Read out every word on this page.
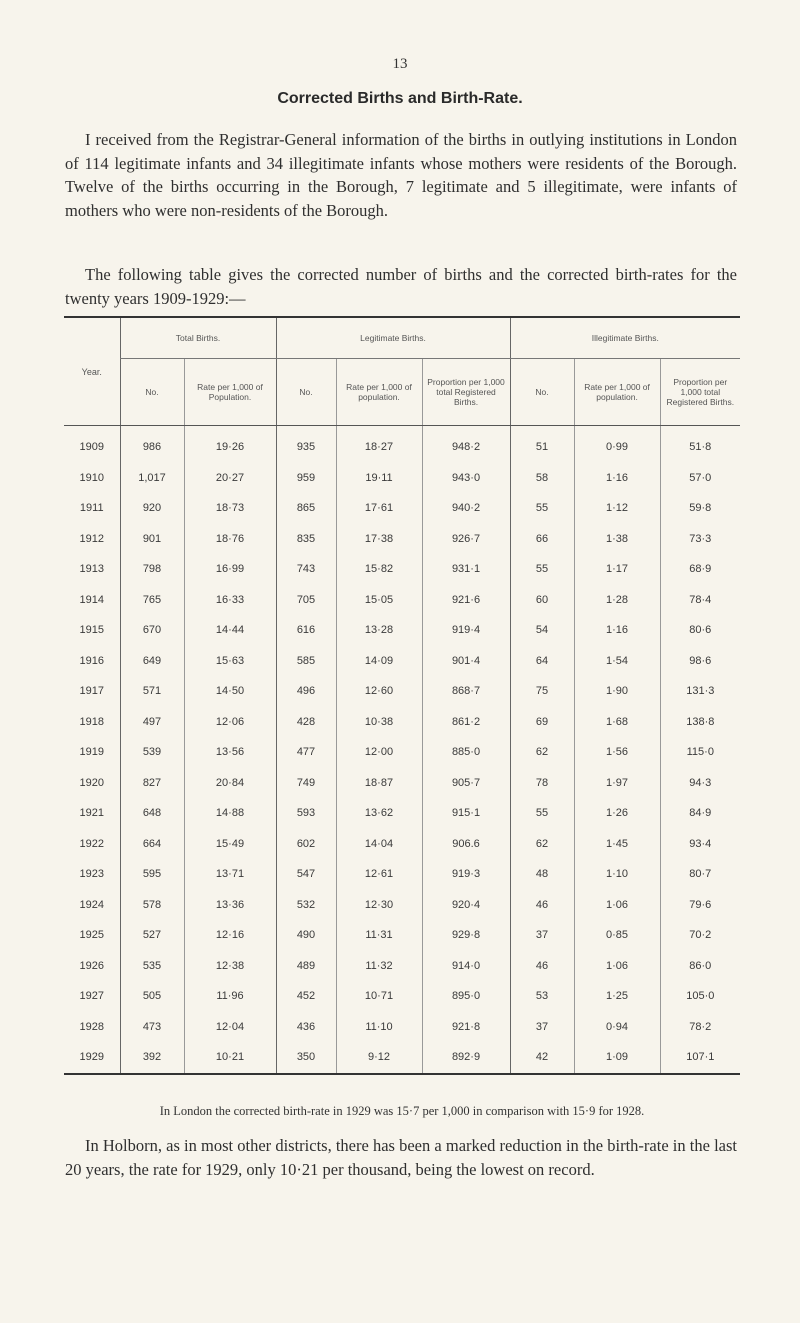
13
Corrected Births and Birth-Rate.

I received from the Registrar-General information of the births in outlying institutions in London of 114 legitimate infants and 34 illegitimate infants whose mothers were residents of the Borough. Twelve of the births occurring in the Borough, 7 legitimate and 5 illegitimate, were infants of mothers who were non-residents of the Borough.

The following table gives the corrected number of births and the corrected birth-rates for the twenty years 1909-1929:—

Year.	Total Births.		Legitimate Births.			Illegitimate Births.		
	No.	Rate per 1,000 of Population.	No.	Rate per 1,000 of population.	Proportion per 1,000 total Registered Births.	No.	Rate per 1,000 of population.	Proportion per 1,000 total Registered Births.
1909	986	19·26	935	18·27	948·2	51	0·99	51·8
1910	1,017	20·27	959	19·11	943·0	58	1·16	57·0
1911	920	18·73	865	17·61	940·2	55	1·12	59·8
1912	901	18·76	835	17·38	926·7	66	1·38	73·3
1913	798	16·99	743	15·82	931·1	55	1·17	68·9
1914	765	16·33	705	15·05	921·6	60	1·28	78·4
1915	670	14·44	616	13·28	919·4	54	1·16	80·6
1916	649	15·63	585	14·09	901·4	64	1·54	98·6
1917	571	14·50	496	12·60	868·7	75	1·90	131·3
1918	497	12·06	428	10·38	861·2	69	1·68	138·8
1919	539	13·56	477	12·00	885·0	62	1·56	115·0
1920	827	20·84	749	18·87	905·7	78	1·97	94·3
1921	648	14·88	593	13·62	915·1	55	1·26	84·9
1922	664	15·49	602	14·04	906.6	62	1·45	93·4
1923	595	13·71	547	12·61	919·3	48	1·10	80·7
1924	578	13·36	532	12·30	920·4	46	1·06	79·6
1925	527	12·16	490	11·31	929·8	37	0·85	70·2
1926	535	12·38	489	11·32	914·0	46	1·06	86·0
1927	505	11·96	452	10·71	895·0	53	1·25	105·0
1928	473	12·04	436	11·10	921·8	37	0·94	78·2
1929	392	10·21	350	9·12	892·9	42	1·09	107·1
In London the corrected birth-rate in 1929 was 15·7 per 1,000 in comparison with 15·9 for 1928.

In Holborn, as in most other districts, there has been a marked reduction in the birth-rate in the last 20 years, the rate for 1929, only 10·21 per thousand, being the lowest on record.
